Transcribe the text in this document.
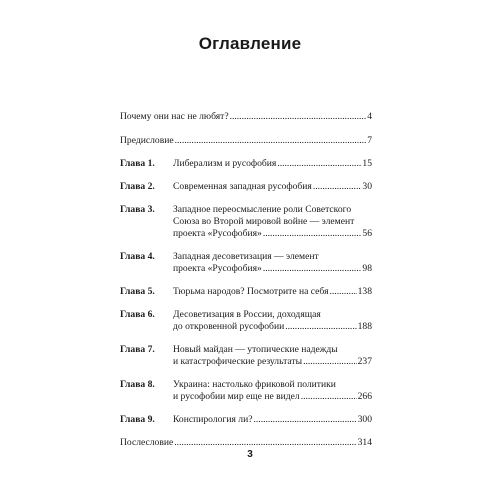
Оглавление
Почему они нас не любят? . . .	4
Предисловие . . .	7
Глава 1.	Либерализм и русофобия . . .	15
Глава 2.	Современная западная русофобия . . .	30
Глава 3.	Западное переосмысление роли Советского
Союза во Второй мировой войне — элемент
проекта «Русофобия» . . .	56
Глава 4.	Западная десоветизация — элемент
проекта «Русофобия» . . .	98
Глава 5.	Тюрьма народов? Посмотрите на себя . . .	138
Глава 6.	Десоветизация в России, доходящая
до откровенной русофобии . . .	188
Глава 7.	Новый майдан — утопические надежды
и катастрофические результаты . . .	237
Глава 8.	Украина: настолько фриковой политики
и русофобии мир еще не видел . . .	266
Глава 9.	Конспирология ли? . . .	300
Послесловие . . .	314
3
